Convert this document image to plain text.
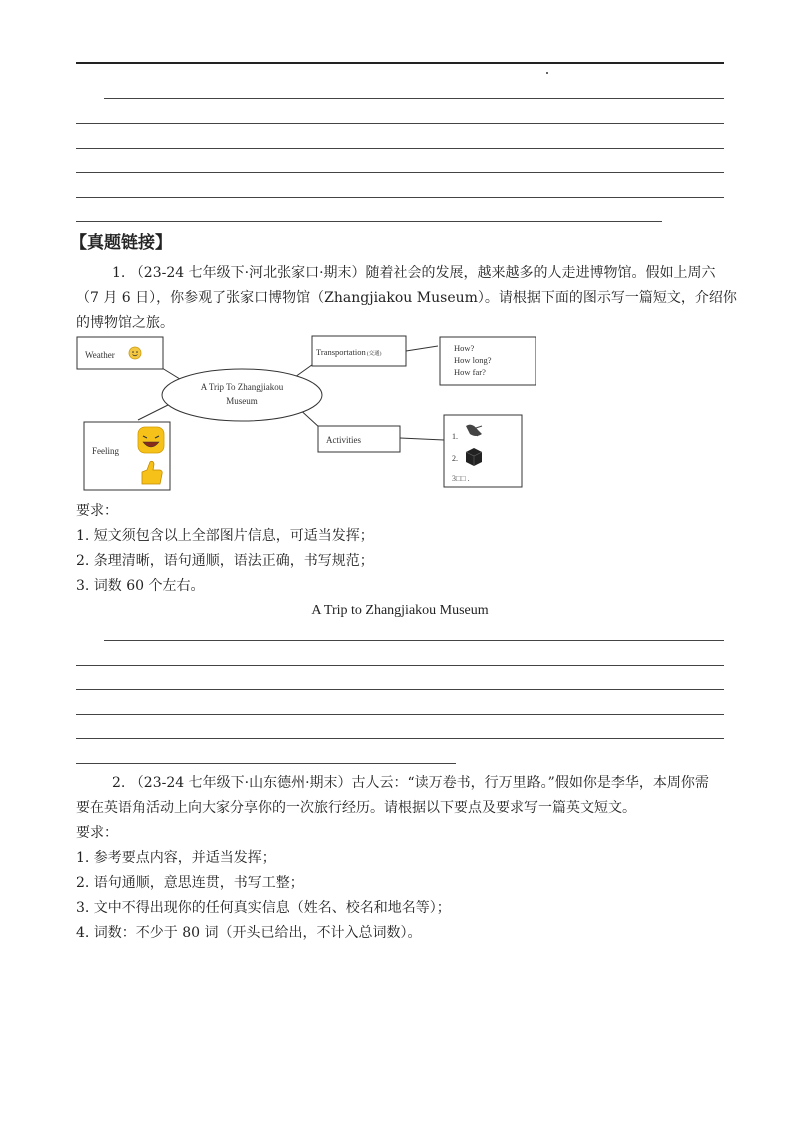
【真题链接】
1. （23-24 七年级下·河北张家口·期末）随着社会的发展，越来越多的人走进博物馆。假如上周六
（7 月 6 日），你参观了张家口博物馆（Zhangjiakou Museum）。请根据下面的图示写一篇短文，介绍你
的博物馆之旅。
A Trip To Zhangjiakou
Museum
Weather
Feeling
Transportation(交通)
How?
How long?
How far?
Activities	1.
2.
3□□ .
要求：
1. 短文须包含以上全部图片信息，可适当发挥；
2. 条理清晰，语句通顺，语法正确，书写规范；
3. 词数 60 个左右。
A Trip to Zhangjiakou Museum
2. （23-24 七年级下·山东德州·期末）古人云：“读万卷书，行万里路。”假如你是李华，本周你需
要在英语角活动上向大家分享你的一次旅行经历。请根据以下要点及要求写一篇英文短文。
要求：
1. 参考要点内容，并适当发挥；
2. 语句通顺，意思连贯，书写工整；
3. 文中不得出现你的任何真实信息（姓名、校名和地名等）；
4. 词数：不少于 80 词（开头已给出，不计入总词数）。
